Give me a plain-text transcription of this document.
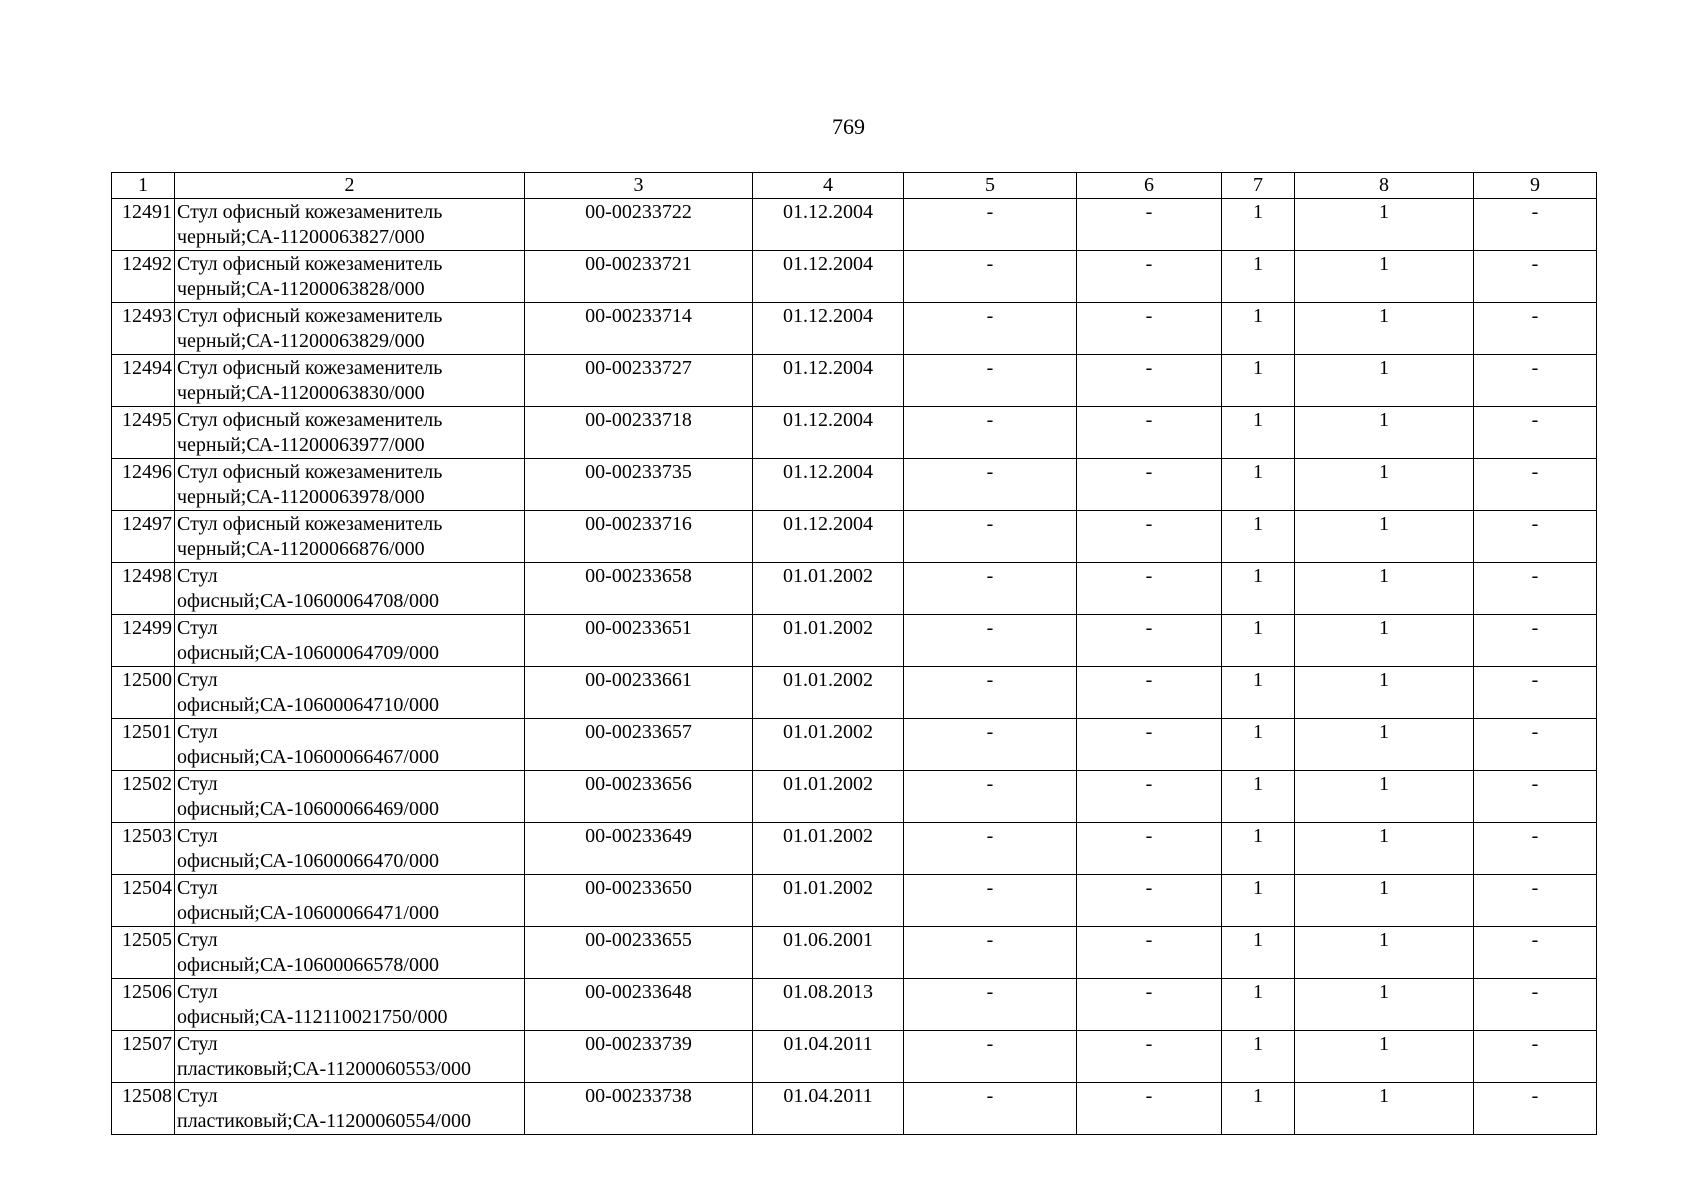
769
1	2	3	4	5	6	7	8	9
12491	Стул офисный кожезаменитель
черный;СА-11200063827/000	00-00233722	01.12.2004	-	-	1	1	-
12492	Стул офисный кожезаменитель
черный;СА-11200063828/000	00-00233721	01.12.2004	-	-	1	1	-
12493	Стул офисный кожезаменитель
черный;СА-11200063829/000	00-00233714	01.12.2004	-	-	1	1	-
12494	Стул офисный кожезаменитель
черный;СА-11200063830/000	00-00233727	01.12.2004	-	-	1	1	-
12495	Стул офисный кожезаменитель
черный;СА-11200063977/000	00-00233718	01.12.2004	-	-	1	1	-
12496	Стул офисный кожезаменитель
черный;СА-11200063978/000	00-00233735	01.12.2004	-	-	1	1	-
12497	Стул офисный кожезаменитель
черный;СА-11200066876/000	00-00233716	01.12.2004	-	-	1	1	-
12498	Стул
офисный;СА-10600064708/000	00-00233658	01.01.2002	-	-	1	1	-
12499	Стул
офисный;СА-10600064709/000	00-00233651	01.01.2002	-	-	1	1	-
12500	Стул
офисный;СА-10600064710/000	00-00233661	01.01.2002	-	-	1	1	-
12501	Стул
офисный;СА-10600066467/000	00-00233657	01.01.2002	-	-	1	1	-
12502	Стул
офисный;СА-10600066469/000	00-00233656	01.01.2002	-	-	1	1	-
12503	Стул
офисный;СА-10600066470/000	00-00233649	01.01.2002	-	-	1	1	-
12504	Стул
офисный;СА-10600066471/000	00-00233650	01.01.2002	-	-	1	1	-
12505	Стул
офисный;СА-10600066578/000	00-00233655	01.06.2001	-	-	1	1	-
12506	Стул
офисный;СА-112110021750/000	00-00233648	01.08.2013	-	-	1	1	-
12507	Стул
пластиковый;СА-11200060553/000	00-00233739	01.04.2011	-	-	1	1	-
12508	Стул
пластиковый;СА-11200060554/000	00-00233738	01.04.2011	-	-	1	1	-
